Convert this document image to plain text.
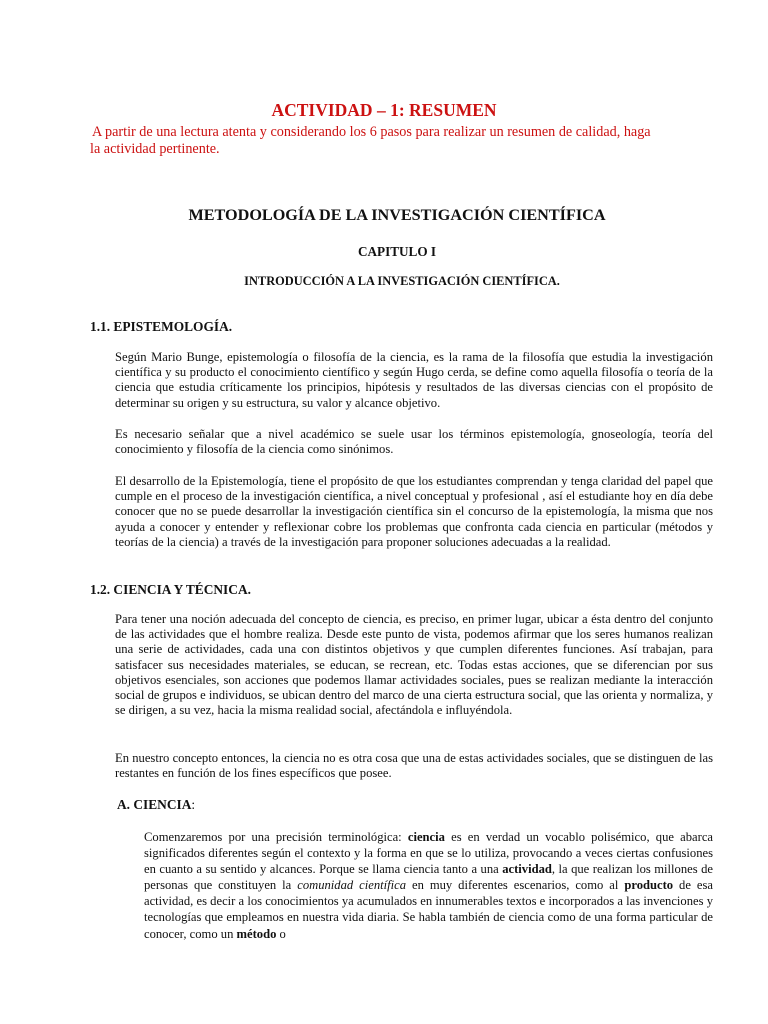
ACTIVIDAD – 1: RESUMEN
A partir de una lectura atenta y considerando los 6 pasos para realizar un resumen de calidad, haga
la actividad pertinente.
METODOLOGÍA DE LA INVESTIGACIÓN CIENTÍFICA
CAPITULO I
INTRODUCCIÓN A LA INVESTIGACIÓN CIENTÍFICA.
1.1. EPISTEMOLOGÍA.
Según Mario Bunge, epistemología o filosofía de la ciencia, es la rama de la filosofía que estudia la investigación científica y su producto el conocimiento científico y según Hugo cerda, se define como aquella filosofía o teoría de la ciencia que estudia críticamente los principios, hipótesis y resultados de las diversas ciencias con el propósito de determinar su origen y su estructura, su valor y alcance objetivo.
Es necesario señalar que a nivel académico se suele usar los términos epistemología, gnoseología, teoría del conocimiento y filosofía de la ciencia como sinónimos.
El desarrollo de la Epistemología, tiene el propósito de que los estudiantes comprendan y tenga claridad del papel que cumple en el proceso de la investigación científica, a nivel conceptual y profesional , así el estudiante hoy en día debe conocer que no se puede desarrollar la investigación científica sin el concurso de la epistemología, la misma que nos ayuda a conocer y entender y reflexionar cobre los problemas que confronta cada ciencia en particular (métodos y teorías de la ciencia) a través de la investigación para proponer soluciones adecuadas a la realidad.
1.2. CIENCIA Y TÉCNICA.
Para tener una noción adecuada del concepto de ciencia, es preciso, en primer lugar, ubicar a ésta dentro del conjunto de las actividades que el hombre realiza. Desde este punto de vista, podemos afirmar que los seres humanos realizan una serie de actividades, cada una con distintos objetivos y que cumplen diferentes funciones. Así trabajan, para satisfacer sus necesidades materiales, se educan, se recrean, etc. Todas estas acciones, que se diferencian por sus objetivos esenciales, son acciones que podemos llamar actividades sociales, pues se realizan mediante la interacción social de grupos e individuos, se ubican dentro del marco de una cierta estructura social, que las orienta y normaliza, y se dirigen, a su vez, hacia la misma realidad social, afectándola e influyéndola.
En nuestro concepto entonces, la ciencia no es otra cosa que una de estas actividades sociales, que se distinguen de las restantes en función de los fines específicos que posee.
A. CIENCIA:
Comenzaremos por una precisión terminológica: ciencia es en verdad un vocablo polisémico, que abarca significados diferentes según el contexto y la forma en que se lo utiliza, provocando a veces ciertas confusiones en cuanto a su sentido y alcances. Porque se llama ciencia tanto a una actividad, la que realizan los millones de personas que constituyen la comunidad científica en muy diferentes escenarios, como al producto de esa actividad, es decir a los conocimientos ya acumulados en innumerables textos e incorporados a las invenciones y tecnologías que empleamos en nuestra vida diaria. Se habla también de ciencia como de una forma particular de conocer, como un método o
